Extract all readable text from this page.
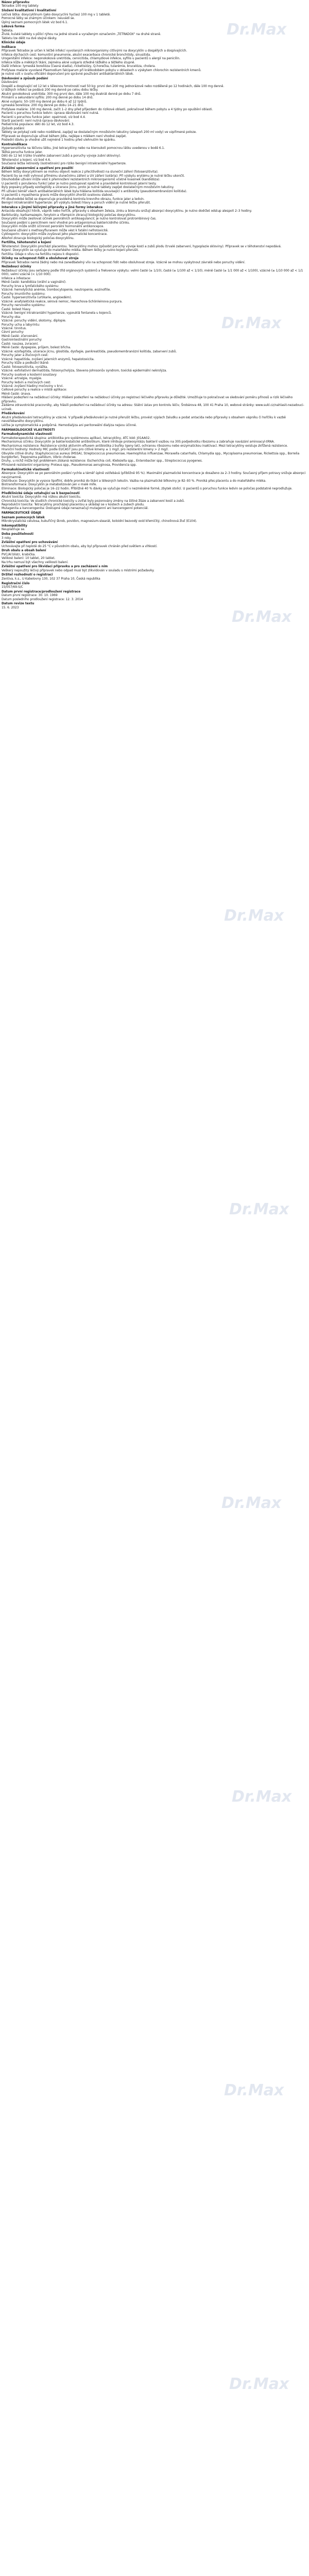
Název přípravku
Tetradox 100 mg tablety
Složení kvalitativní i kvalitativní
Léčivá látka: doxycyklinum (jako doxycyclini hyclas) 100 mg v 1 tabletě.
Pomocné látky se známým účinkem: neuvádí se.
Úplný seznam pomocných látek viz bod 6.1.
Léková forma
Tableta.
Žluté, kulaté tablety s půlicí rýhou na jedné straně a vyraženým označením „TETRADOX“ na druhé straně.
Tabletu lze dělit na dvě stejné dávky.
Klinické údaje
Indikace
Přípravek Tetradox je určen k léčbě infekcí vyvolaných mikroorganismy citlivými na doxycyklin u dospělých a dospívajících.
Infekce dýchacích cest: komunitní pneumonie, akutní exacerbace chronické bronchitidy, sinusitida.
Urogenitální infekce: negonokoková uretritida, cervicitida, chlamydiové infekce, syfilis u pacientů s alergií na penicilin.
Infekce kůže a měkkých tkání, zejména akné vulgaris středně těžkého a těžkého stupně.
Další infekce: lymeská borelióza (časná stadia), rickettsiózy, Q-horečka, tularémie, brucelóza, cholera.
Profylaxe malárie vyvolané Plasmodium falciparum při krátkodobém pobytu v oblastech s výskytem chlorochin rezistentních kmenů.
Je nutné vzít v úvahu oficiální doporučení pro správné používání antibakteriálních látek.
Dávkování a způsob podání
Dávkování:
Dospělí a dospívající od 12 let s tělesnou hmotností nad 50 kg: první den 200 mg jednorázově nebo rozděleně po 12 hodinách, dále 100 mg denně.
U těžkých infekcí se podává 200 mg denně po celou dobu léčby.
Akutní gonokoková uretritida: 300 mg první den, dále 100 mg dvakrát denně po dobu 7 dnů.
Primární a sekundární syfilis: 200 mg denně po dobu 14 dnů.
Akné vulgaris: 50–100 mg denně po dobu 6 až 12 týdnů.
Lymeská borelióza: 200 mg denně po dobu 14–21 dnů.
Profylaxe malárie: 100 mg denně, začít 1–2 dny před příjezdem do rizikové oblasti, pokračovat během pobytu a 4 týdny po opuštění oblasti.
Pacienti s poruchou funkce ledvin: úprava dávkování není nutná.
Pacienti s poruchou funkce jater: opatrnost, viz bod 4.4.
Starší pacienti: není nutná úprava dávkování.
Pediatrická populace: děti do 12 let, viz bod 4.3.
Způsob podání:
Tablety se polykají celé nebo rozdělené, zapíjejí se dostatečným množstvím tekutiny (alespoň 200 ml vody) ve vzpřímené poloze.
Přípravek se doporučuje užívat během jídla, nejlépe s mlékem není vhodné zapíjet.
Poslední dávku je vhodné užít nejméně 1 hodinu před ulehnutím ke spánku.
Kontraindikace
Hypersenzitivita na léčivou látku, jiné tetracykliny nebo na kteroukoli pomocnou látku uvedenou v bodě 6.1.
Těžká porucha funkce jater.
Děti do 12 let (riziko trvalého zabarvení zubů a poruchy vývoje zubní skloviny).
Těhotenství a kojení, viz bod 4.6.
Současná léčba retinoidy (isotretinoin) pro riziko benigní intrakraniální hypertenze.
Zvláštní upozornění a opatření pro použití
Během léčby doxycyklinem se mohou objevit reakce z přecitlivělosti na sluneční záření (fotosenzitivita).
Pacienti by se měli vyhnout přímému slunečnímu záření a UV záření (solária). Při výskytu erytému je nutné léčbu ukončit.
Dlouhodobé užívání může vést k přemnožení rezistentních mikroorganismů včetně kvasinek (kandidóza).
U pacientů s porušenou funkcí jater je nutno postupovat opatrně a pravidelně kontrolovat jaterní testy.
Byly popsány případy ezofagitidy a ulcerace jícnu, proto je nutné tablety zapíjet dostatečným množstvím tekutiny.
Při užívání téměř všech antibakteriálních látek byla hlášena kolitida související s antibiotiky (pseudomembranózní kolitida).
U pacientů s myasthenia gravis může doxycyklin zhoršit svalovou slabost.
Při dlouhodobé léčbě se doporučuje pravidelná kontrola krevního obrazu, funkce jater a ledvin.
Benigní intrakraniální hypertenze: při výskytu bolesti hlavy a poruch vidění je nutné léčbu přerušit.
Interakce s jinými léčivými přípravky a jiné formy interakce
Antacida obsahující hliník, vápník nebo hořčík, přípravky s obsahem železa, zinku a bismutu snižují absorpci doxycyklinu. Je nutno dodržet odstup alespoň 2–3 hodiny.
Barbituráty, karbamazepin, fenytoin a rifampicin zkracují biologický poločas doxycyklinu.
Doxycyklin může zesilovat účinek perorálních antikoagulancií; je nutno kontrolovat protrombinový čas.
Současné podání s penicilinem není vhodné pro antagonismus baktericidního účinku.
Doxycyklin může snížit účinnost perorální hormonální antikoncepce.
Současné užívání s methoxyfluranem může vést k fatální nefrotoxicitě.
Cyklosporin: doxycyklin může zvyšovat jeho plazmatické koncentrace.
Alkohol zkracuje biologický poločas doxycyklinu.
Fertilita, těhotenství a kojení
Těhotenství: Doxycyklin prochází placentou. Tetracykliny mohou způsobit poruchy vývoje kostí a zubů plodu (trvalé zabarvení, hypoplazie skloviny). Přípravek se v těhotenství nepodává.
Kojení: Doxycyklin se vylučuje do mateřského mléka. Během léčby je nutno kojení přerušit.
Fertilita: Údaje o vlivu na fertilitu nejsou k dispozici.
Účinky na schopnost řídit a obsluhovat stroje
Přípravek Tetradox nemá žádný nebo má zanedbatelný vliv na schopnost řídit nebo obsluhovat stroje. Vzácně se mohou vyskytnout závratě nebo poruchy vidění.
Nežádoucí účinky
Nežádoucí účinky jsou seřazeny podle tříd orgánových systémů a frekvence výskytu: velmi časté (≥ 1/10), časté (≥ 1/100 až < 1/10), méně časté (≥ 1/1 000 až < 1/100), vzácné (≥ 1/10 000 až < 1/1 000), velmi vzácné (< 1/10 000).
Infekce a infestace:
Méně časté: kandidóza (orální a vaginální).
Poruchy krve a lymfatického systému:
Vzácné: hemolytická anémie, trombocytopenie, neutropenie, eozinofilie.
Poruchy imunitního systému:
Časté: hypersenzitivita (urtikarie, angioedém).
Vzácné: anafylaktická reakce, sérová nemoc, Henochova-Schönleinova purpura.
Poruchy nervového systému:
Časté: bolest hlavy.
Vzácné: benigní intrakraniální hypertenze, vypouklá fontanela u kojenců.
Poruchy oka:
Vzácné: poruchy vidění, skotomy, diplopie.
Poruchy ucha a labyrintu:
Vzácné: tinnitus.
Cévní poruchy:
Méně časté: zčervenání.
Gastrointestinální poruchy:
Časté: nauzea, zvracení.
Méně časté: dyspepsie, průjem, bolest břicha.
Vzácné: ezofagitida, ulcerace jícnu, glositida, dysfagie, pankreatitida, pseudomembranózní kolitida, zabarvení zubů.
Poruchy jater a žlučových cest:
Vzácné: hepatitida, zvýšení jaterních enzymů, hepatotoxicita.
Poruchy kůže a podkožní tkáně:
Časté: fotosenzitivita, vyrážka.
Vzácné: exfoliativní dermatitida, fotoonycholýza, Stevens-Johnsonův syndrom, toxická epidermální nekrolýza.
Poruchy svalové a kosterní soustavy:
Vzácné: artralgie, myalgie.
Poruchy ledvin a močových cest:
Vzácné: zvýšení hladiny močoviny v krvi.
Celkové poruchy a reakce v místě aplikace:
Méně časté: únava.
Hlášení podezření na nežádoucí účinky: Hlášení podezření na nežádoucí účinky po registraci léčivého přípravku je důležité. Umožňuje to pokračovat ve sledování poměru přínosů a rizik léčivého přípravku.
Žádáme zdravotnické pracovníky, aby hlásili podezření na nežádoucí účinky na adresu: Státní ústav pro kontrolu léčiv, Šrobárova 48, 100 41 Praha 10, webové stránky: www.sukl.cz/nahlasit-nezadouci-ucinek.
Předávkování
Akutní předávkování tetracykliny je vzácné. V případě předávkování je nutné přerušit léčbu, provést výplach žaludku a podat antacida nebo přípravky s obsahem vápníku či hořčíku k vazbě nevstřebaného doxycyklinu.
Léčba je symptomatická a podpůrná. Hemodialýza ani peritoneální dialýza nejsou účinné.
FARMAKOLOGICKÉ VLASTNOSTI
Farmakodynamické vlastnosti
Farmakoterapeutická skupina: antibiotika pro systémovou aplikaci, tetracykliny, ATC kód: J01AA02.
Mechanismus účinku: Doxycyklin je bakteriostatické antibiotikum, které inhibuje proteosyntézu bakterií vazbou na 30S podjednotku ribozomu a zabraňuje navázání aminoacyl-tRNA.
Mechanismus rezistence: Rezistence vzniká aktivním efluxem antibiotika z buňky (geny tet), ochranou ribozomu nebo enzymatickou inaktivací. Mezi tetracykliny existuje zkřížená rezistence.
Hraniční hodnoty: Hodnoty MIC podle EUCAST jsou pro citlivé kmeny ≤ 1 mg/l, pro rezistentní kmeny > 2 mg/l.
Obvykle citlivé druhy: Staphylococcus aureus (MSSA), Streptococcus pneumoniae, Haemophilus influenzae, Moraxella catarrhalis, Chlamydia spp., Mycoplasma pneumoniae, Rickettsia spp., Borrelia burgdorferi, Treponema pallidum, Vibrio cholerae.
Druhy, u nichž může být problémem získaná rezistence: Escherichia coli, Klebsiella spp., Enterobacter spp., Streptococcus pyogenes.
Přirozeně rezistentní organismy: Proteus spp., Pseudomonas aeruginosa, Providencia spp.
Farmakokinetické vlastnosti
Absorpce: Doxycyklin se po perorálním podání rychle a téměř úplně vstřebává (přibližně 95 %). Maximální plazmatické koncentrace je dosaženo za 2–3 hodiny. Současný příjem potravy snižuje absorpci nevýznamně.
Distribuce: Doxycyklin je vysoce lipofilní, dobře proniká do tkání a tělesných tekutin. Vazba na plazmatické bílkoviny je 82–93 %. Proniká přes placentu a do mateřského mléka.
Biotransformace: Doxycyklin je metabolizován jen v malé míře.
Eliminace: Biologický poločas je 16–22 hodin. Přibližně 40 % dávky se vylučuje močí v nezměněné formě, zbytek stolicí. U pacientů s poruchou funkce ledvin se poločas podstatně neprodlužuje.
Předklinické údaje vztahující se k bezpečnosti
Akutní toxicita: Doxycyklin má nízkou akutní toxicitu.
Chronická toxicita: Ve studiích chronické toxicity u zvířat byly pozorovány změny na štítné žláze a zabarvení kostí a zubů.
Reprodukční toxicita: Tetracykliny procházejí placentou a ukládají se v kostech a zubech plodu.
Mutagenita a kancerogenita: Dostupné údaje nenaznačují mutagenní ani kancerogenní potenciál.
FARMACEUTICKÉ ÚDAJE
Seznam pomocných látek
Mikrokrystalická celulosa, kukuřičný škrob, povidon, magnesium-stearát, koloidní bezvodý oxid křemičitý, chinolinová žluť (E104).
Inkompatibility
Neuplatňuje se.
Doba použitelnosti
3 roky.
Zvláštní opatření pro uchovávání
Uchovávejte při teplotě do 25 °C v původním obalu, aby byl přípravek chráněn před světlem a vlhkostí.
Druh obalu a obsah balení
PVC/Al blistr, krabička.
Velikost balení: 10 tablet, 20 tablet.
Na trhu nemusí být všechny velikosti balení.
Zvláštní opatření pro likvidaci přípravku a pro zacházení s ním
Veškerý nepoužitý léčivý přípravek nebo odpad musí být zlikvidován v souladu s místními požadavky.
Držitel rozhodnutí o registraci
Zentiva, k.s., U Kabelovny 130, 102 37 Praha 10, Česká republika
Registrační číslo
15/057/69-S/C
Datum první registrace/prodloužení registrace
Datum první registrace: 30. 10. 1969
Datum posledního prodloužení registrace: 12. 3. 2014
Datum revize textu
15. 6. 2023
Dr.Max
Dr.Max
Dr.Max
Dr.Max
Dr.Max
Dr.Max
Dr.Max
Dr.Max
Dr.Max
